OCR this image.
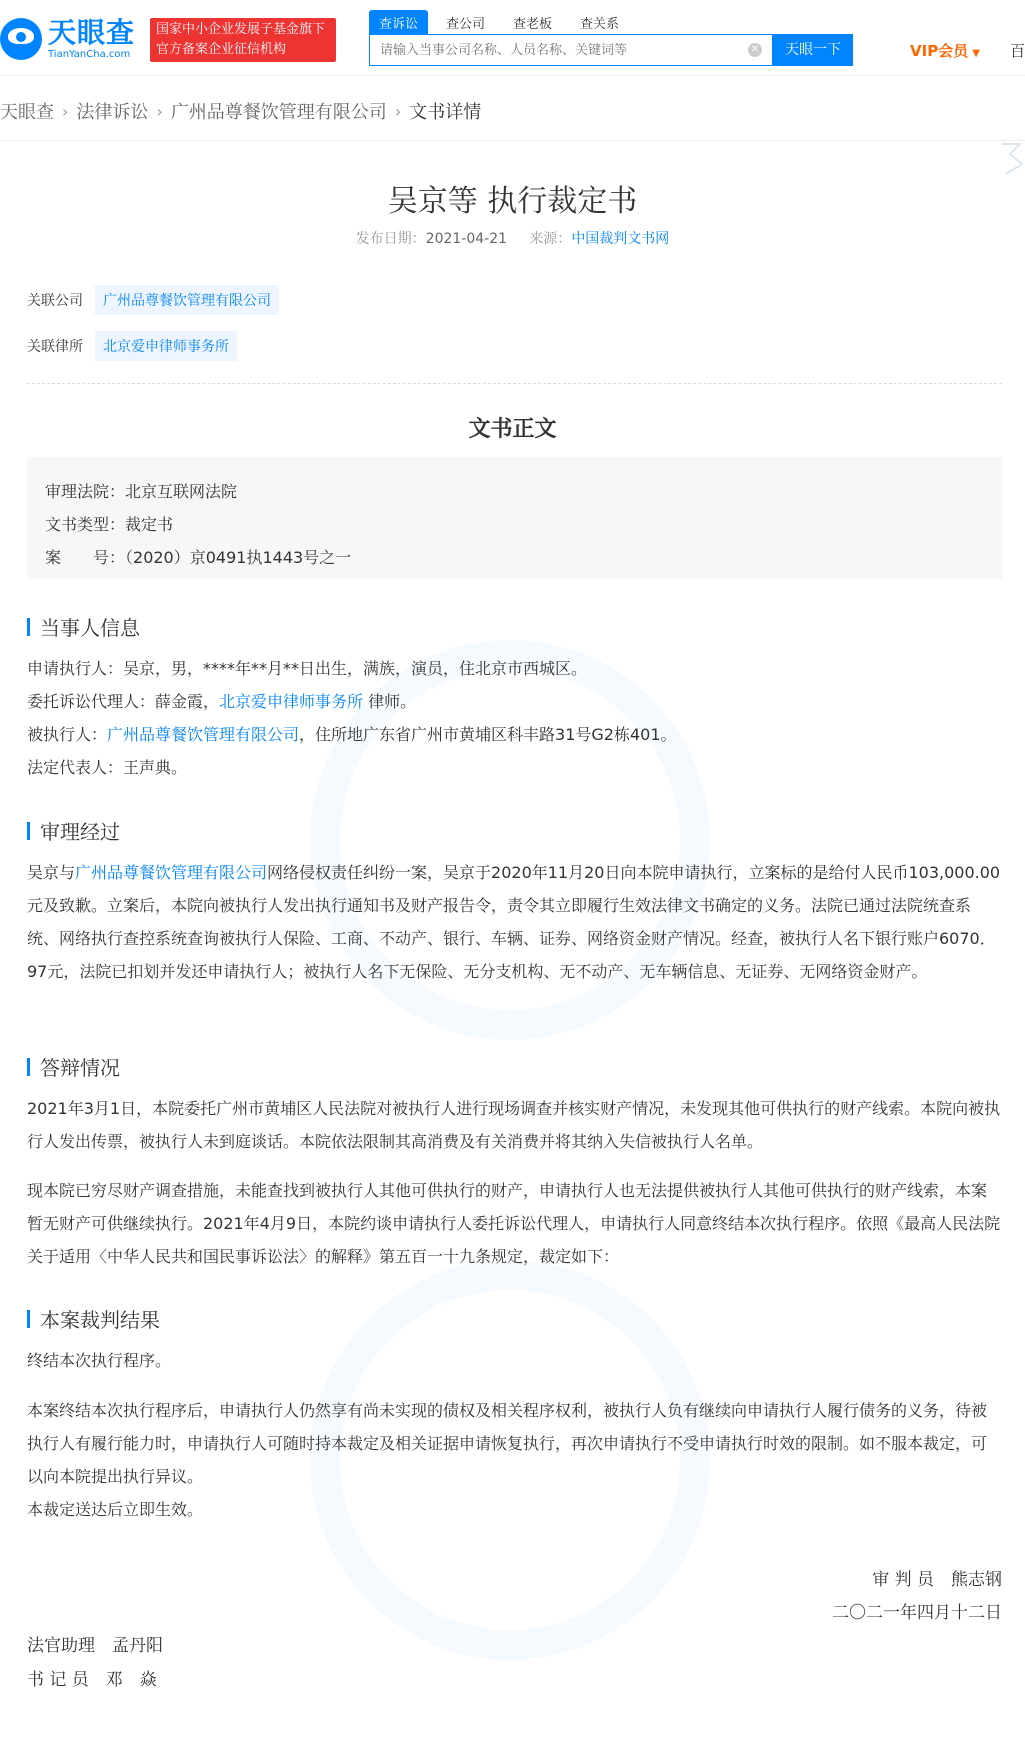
天眼查
TianYanCha.com
国家中小企业发展子基金旗下
官方备案企业征信机构
查诉讼	查公司	查老板	查关系
请输入当事公司名称、人员名称、关键词等
✕	天眼一下	VIP会员 ▼ 百
天眼查 › 法律诉讼 › 广州品尊餐饮管理有限公司 › 文书详情
吴京等 执行裁定书
发布日期：2021-04-21 来源：中国裁判文书网
关联公司	广州品尊餐饮管理有限公司
关联律所	北京爱申律师事务所
文书正文
审理法院：北京互联网法院
文书类型：裁定书
案　　号：（2020）京0491执1443号之一
当事人信息
申请执行人：吴京，男，****年**月**日出生，满族，演员，住北京市西城区。
委托诉讼代理人：薛金霞，北京爱申律师事务所 律师。
被执行人：广州品尊餐饮管理有限公司，住所地广东省广州市黄埔区科丰路31号G2栋401。
法定代表人：王声典。
审理经过
吴京与广州品尊餐饮管理有限公司网络侵权责任纠纷一案，吴京于2020年11月20日向本院申请执行，立案标的是给付人民币103,000.00元及致歉。立案后，本院向被执行人发出执行通知书及财产报告令，责令其立即履行生效法律文书确定的义务。法院已通过法院统查系统、网络执行查控系统查询被执行人保险、工商、不动产、银行、车辆、证券、网络资金财产情况。经查，被执行人名下银行账户6070．97元，法院已扣划并发还申请执行人；被执行人名下无保险、无分支机构、无不动产、无车辆信息、无证券、无网络资金财产。
答辩情况
2021年3月1日，本院委托广州市黄埔区人民法院对被执行人进行现场调查并核实财产情况，未发现其他可供执行的财产线索。本院向被执行人发出传票，被执行人未到庭谈话。本院依法限制其高消费及有关消费并将其纳入失信被执行人名单。
现本院已穷尽财产调查措施，未能查找到被执行人其他可供执行的财产，申请执行人也无法提供被执行人其他可供执行的财产线索，本案暂无财产可供继续执行。2021年4月9日，本院约谈申请执行人委托诉讼代理人，申请执行人同意终结本次执行程序。依照《最高人民法院关于适用〈中华人民共和国民事诉讼法〉的解释》第五百一十九条规定，裁定如下：
本案裁判结果
终结本次执行程序。
本案终结本次执行程序后，申请执行人仍然享有尚未实现的债权及相关程序权利，被执行人负有继续向申请执行人履行债务的义务，待被执行人有履行能力时，申请执行人可随时持本裁定及相关证据申请恢复执行，再次申请执行不受申请执行时效的限制。如不服本裁定，可以向本院提出执行异议。
本裁定送达后立即生效。
审 判 员　熊志钢
二〇二一年四月十二日
法官助理　孟丹阳
书 记 员　邓　焱
